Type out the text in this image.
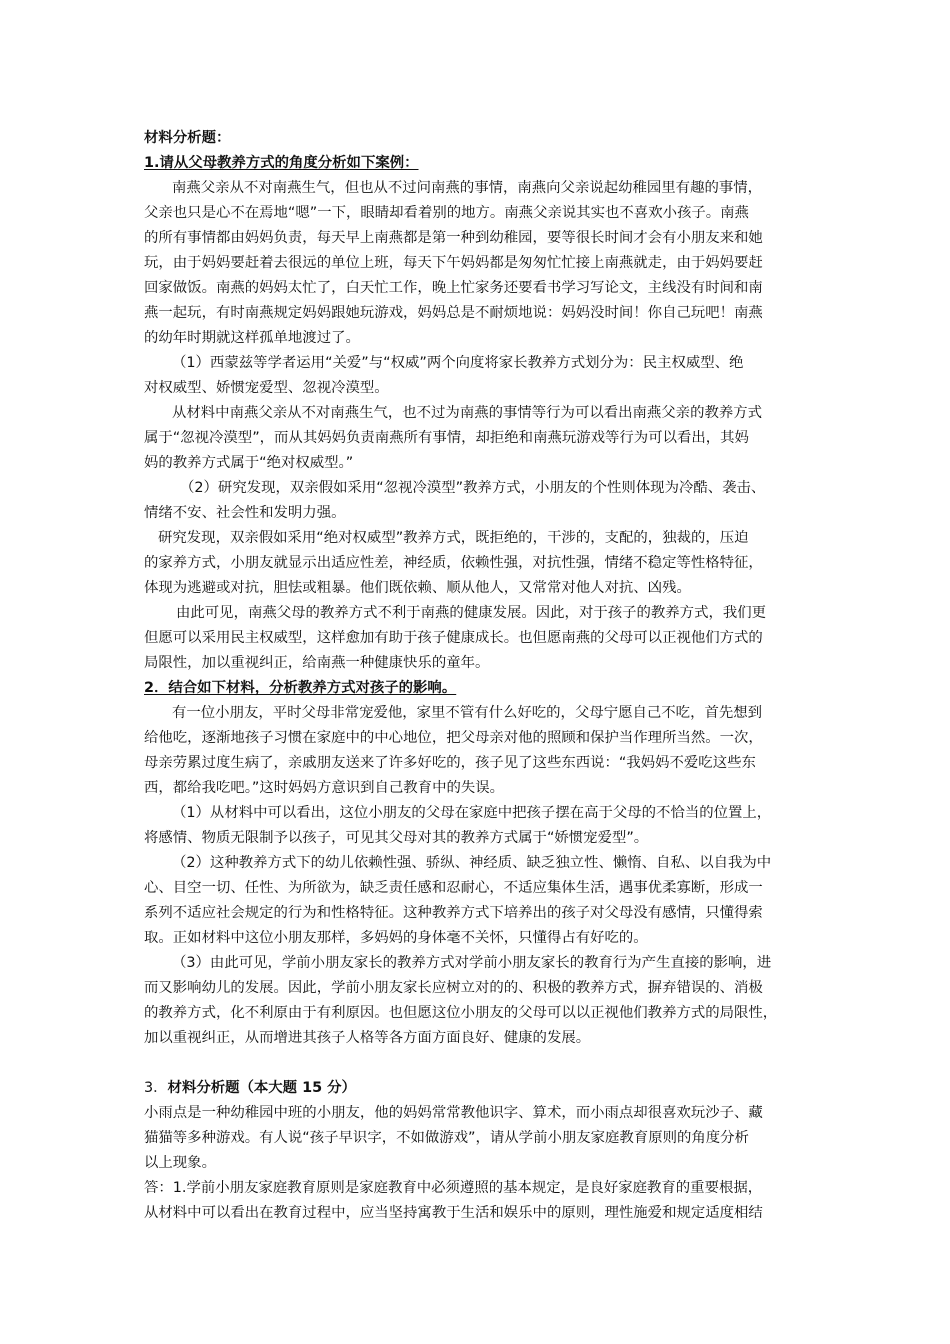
材料分析题：
1.请从父母教养方式的角度分析如下案例：
南燕父亲从不对南燕生气，但也从不过问南燕的事情，南燕向父亲说起幼稚园里有趣的事情，
父亲也只是心不在焉地“嗯”一下，眼睛却看着别的地方。南燕父亲说其实也不喜欢小孩子。南燕
的所有事情都由妈妈负责，每天早上南燕都是第一种到幼稚园，要等很长时间才会有小朋友来和她
玩，由于妈妈要赶着去很远的单位上班，每天下午妈妈都是匆匆忙忙接上南燕就走，由于妈妈要赶
回家做饭。南燕的妈妈太忙了，白天忙工作，晚上忙家务还要看书学习写论文，主线没有时间和南
燕一起玩，有时南燕规定妈妈跟她玩游戏，妈妈总是不耐烦地说：妈妈没时间！你自己玩吧！南燕
的幼年时期就这样孤单地渡过了。
（1）西蒙兹等学者运用“关爱”与“权威”两个向度将家长教养方式划分为：民主权威型、绝
对权威型、娇惯宠爱型、忽视冷漠型。
从材料中南燕父亲从不对南燕生气，也不过为南燕的事情等行为可以看出南燕父亲的教养方式
属于“忽视冷漠型”，而从其妈妈负责南燕所有事情，却拒绝和南燕玩游戏等行为可以看出，其妈
妈的教养方式属于“绝对权威型。”
（2）研究发现，双亲假如采用“忽视冷漠型”教养方式，小朋友的个性则体现为冷酷、袭击、
情绪不安、社会性和发明力强。
研究发现，双亲假如采用“绝对权威型”教养方式，既拒绝的，干涉的，支配的，独裁的，压迫
的家养方式，小朋友就显示出适应性差，神经质，依赖性强，对抗性强，情绪不稳定等性格特征，
体现为逃避或对抗，胆怯或粗暴。他们既依赖、顺从他人，又常常对他人对抗、凶残。
由此可见，南燕父母的教养方式不利于南燕的健康发展。因此，对于孩子的教养方式，我们更
但愿可以采用民主权威型，这样愈加有助于孩子健康成长。也但愿南燕的父母可以正视他们方式的
局限性，加以重视纠正，给南燕一种健康快乐的童年。
2．结合如下材料，分析教养方式对孩子的影响。
有一位小朋友，平时父母非常宠爱他，家里不管有什么好吃的，父母宁愿自己不吃，首先想到
给他吃，逐渐地孩子习惯在家庭中的中心地位，把父母亲对他的照顾和保护当作理所当然。一次，
母亲劳累过度生病了，亲戚朋友送来了许多好吃的，孩子见了这些东西说：“我妈妈不爱吃这些东
西，都给我吃吧。”这时妈妈方意识到自己教育中的失误。
（1）从材料中可以看出，这位小朋友的父母在家庭中把孩子摆在高于父母的不恰当的位置上，
将感情、物质无限制予以孩子，可见其父母对其的教养方式属于“娇惯宠爱型”。
（2）这种教养方式下的幼儿依赖性强、骄纵、神经质、缺乏独立性、懒惰、自私、以自我为中
心、目空一切、任性、为所欲为，缺乏责任感和忍耐心，不适应集体生活，遇事优柔寡断，形成一
系列不适应社会规定的行为和性格特征。这种教养方式下培养出的孩子对父母没有感情，只懂得索
取。正如材料中这位小朋友那样，多妈妈的身体毫不关怀，只懂得占有好吃的。
（3）由此可见，学前小朋友家长的教养方式对学前小朋友家长的教育行为产生直接的影响，进
而又影响幼儿的发展。因此，学前小朋友家长应树立对的的、积极的教养方式，摒弃错误的、消极
的教养方式，化不利原由于有利原因。也但愿这位小朋友的父母可以以正视他们教养方式的局限性，
加以重视纠正，从而增进其孩子人格等各方面方面良好、健康的发展。
3．材料分析题（本大题 15 分）
小雨点是一种幼稚园中班的小朋友，他的妈妈常常教他识字、算术，而小雨点却很喜欢玩沙子、藏
猫猫等多种游戏。有人说“孩子早识字，不如做游戏”，请从学前小朋友家庭教育原则的角度分析
以上现象。
答：1.学前小朋友家庭教育原则是家庭教育中必须遵照的基本规定，是良好家庭教育的重要根据，
从材料中可以看出在教育过程中，应当坚持寓教于生活和娱乐中的原则，理性施爱和规定适度相结
